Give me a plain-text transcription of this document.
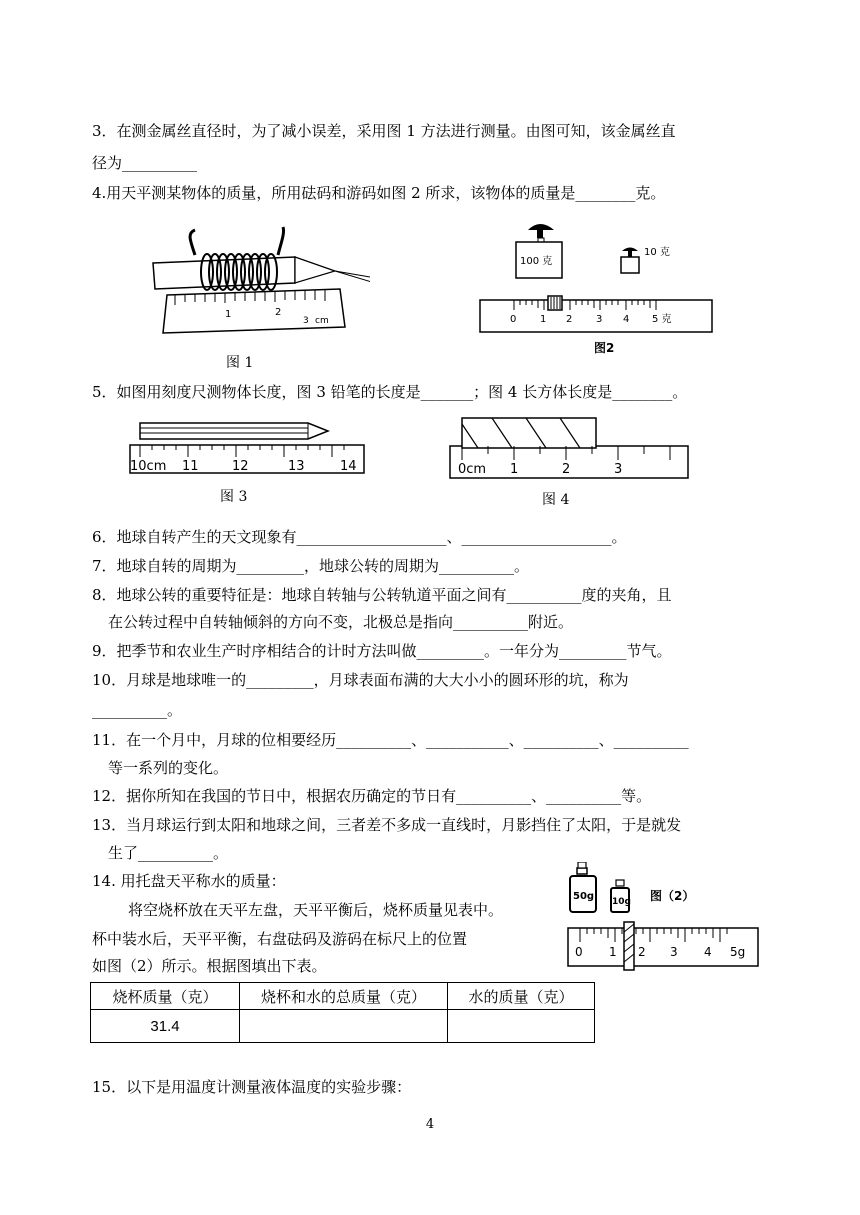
3．在测金属丝直径时，为了减小误差，采用图 1 方法进行测量。由图可知，该金属丝直
径为__________
4.用天平测某物体的质量，所用砝码和游码如图 2 所求，该物体的质量是________克。
1	2
3 cm
图 1
100 克
10 克
0 1 2 3 4 5 克
图2
5．如图用刻度尺测物体长度，图 3 铅笔的长度是_______；图 4 长方体长度是________。
10cm 11	12	13	14
图 3
0cm 1	2	3
图 4
6．地球自转产生的天文现象有____________________、____________________。
7．地球自转的周期为_________，地球公转的周期为__________。
8．地球公转的重要特征是：地球自转轴与公转轨道平面之间有__________度的夹角，且
在公转过程中自转轴倾斜的方向不变，北极总是指向__________附近。
9．把季节和农业生产时序相结合的计时方法叫做_________。一年分为_________节气。
10．月球是地球唯一的_________，月球表面布满的大大小小的圆环形的坑，称为
__________。
11．在一个月中，月球的位相要经历__________、___________、__________、__________
等一系列的变化。
12．据你所知在我国的节日中，根据农历确定的节日有__________、__________等。
13．当月球运行到太阳和地球之间，三者差不多成一直线时，月影挡住了太阳，于是就发
生了__________。
14. 用托盘天平称水的质量：
将空烧杯放在天平左盘，天平平衡后，烧杯质量见表中。
杯中装水后，天平平衡，右盘砝码及游码在标尺上的位置
如图（2）所示。根据图填出下表。
50g 10g 图（2）
0 1 2 3 4 5g
烧杯质量（克）	烧杯和水的总质量（克）	水的质量（克）
31.4		
15．以下是用温度计测量液体温度的实验步骤：
4
